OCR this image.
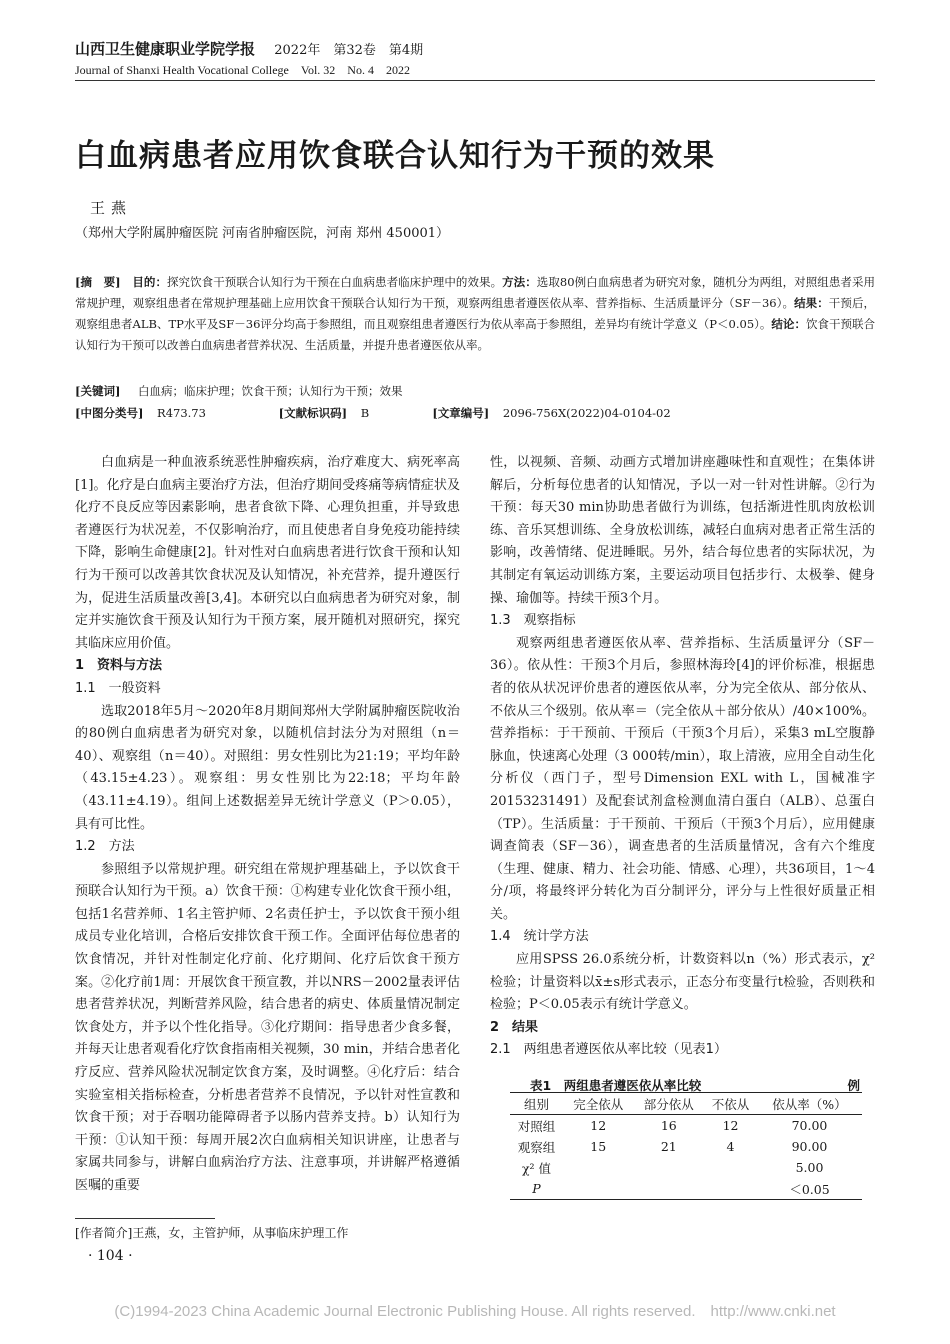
山西卫生健康职业学院学报 2022年　第32卷　第4期
Journal of Shanxi Health Vocational College　Vol. 32　No. 4　2022
白血病患者应用饮食联合认知行为干预的效果
王燕
（郑州大学附属肿瘤医院 河南省肿瘤医院，河南 郑州 450001）
[摘　要] 目的：探究饮食干预联合认知行为干预在白血病患者临床护理中的效果。方法：选取80例白血病患者为研究对象，随机分为两组，对照组患者采用常规护理，观察组患者在常规护理基础上应用饮食干预联合认知行为干预，观察两组患者遵医依从率、营养指标、生活质量评分（SF－36）。结果：干预后，观察组患者ALB、TP水平及SF－36评分均高于参照组，而且观察组患者遵医行为依从率高于参照组，差异均有统计学意义（P＜0.05）。结论：饮食干预联合认知行为干预可以改善白血病患者营养状况、生活质量，并提升患者遵医依从率。
[关键词] 白血病；临床护理；饮食干预；认知行为干预；效果
[中图分类号] R473.73	[文献标识码] B	[文章编号] 2096-756X(2022)04-0104-02

白血病是一种血液系统恶性肿瘤疾病，治疗难度大、病死率高[1]。化疗是白血病主要治疗方法，但治疗期间受疼痛等病情症状及化疗不良反应等因素影响，患者食欲下降、心理负担重，并导致患者遵医行为状况差，不仅影响治疗，而且使患者自身免疫功能持续下降，影响生命健康[2]。针对性对白血病患者进行饮食干预和认知行为干预可以改善其饮食状况及认知情况，补充营养，提升遵医行为，促进生活质量改善[3,4]。本研究以白血病患者为研究对象，制定并实施饮食干预及认知行为干预方案，展开随机对照研究，探究其临床应用价值。

1　资料与方法
1.1　一般资料

选取2018年5月～2020年8月期间郑州大学附属肿瘤医院收治的80例白血病患者为研究对象，以随机信封法分为对照组（n＝40）、观察组（n＝40）。对照组：男女性别比为21:19；平均年龄（43.15±4.23）。观察组：男女性别比为22:18；平均年龄（43.11±4.19）。组间上述数据差异无统计学意义（P＞0.05），具有可比性。

1.2　方法

参照组予以常规护理。研究组在常规护理基础上，予以饮食干预联合认知行为干预。a）饮食干预：①构建专业化饮食干预小组，包括1名营养师、1名主管护师、2名责任护士，予以饮食干预小组成员专业化培训，合格后安排饮食干预工作。全面评估每位患者的饮食情况，并针对性制定化疗前、化疗期间、化疗后饮食干预方案。②化疗前1周：开展饮食干预宣教，并以NRS－2002量表评估患者营养状况，判断营养风险，结合患者的病史、体质量情况制定饮食处方，并予以个性化指导。③化疗期间：指导患者少食多餐，并每天让患者观看化疗饮食指南相关视频，30 min，并结合患者化疗反应、营养风险状况制定饮食方案，及时调整。④化疗后：结合实验室相关指标检查，分析患者营养不良情况，予以针对性宣教和饮食干预；对于吞咽功能障碍者予以肠内营养支持。b）认知行为干预：①认知干预：每周开展2次白血病相关知识讲座，让患者与家属共同参与，讲解白血病治疗方法、注意事项，并讲解严格遵循医嘱的重要

性，以视频、音频、动画方式增加讲座趣味性和直观性；在集体讲解后，分析每位患者的认知情况，予以一对一针对性讲解。②行为干预：每天30 min协助患者做行为训练，包括渐进性肌肉放松训练、音乐冥想训练、全身放松训练，减轻白血病对患者正常生活的影响，改善情绪、促进睡眠。另外，结合每位患者的实际状况，为其制定有氧运动训练方案，主要运动项目包括步行、太极拳、健身操、瑜伽等。持续干预3个月。

1.3　观察指标

观察两组患者遵医依从率、营养指标、生活质量评分（SF－36）。依从性：干预3个月后，参照林海玲[4]的评价标准，根据患者的依从状况评价患者的遵医依从率，分为完全依从、部分依从、不依从三个级别。依从率＝（完全依从＋部分依从）/40×100%。营养指标：于干预前、干预后（干预3个月后），采集3 mL空腹静脉血，快速离心处理（3 000转/min），取上清液，应用全自动生化分析仪（西门子，型号Dimension EXL with L，国械准字20153231491）及配套试剂盒检测血清白蛋白（ALB）、总蛋白（TP）。生活质量：于干预前、干预后（干预3个月后），应用健康调查简表（SF－36），调查患者的生活质量情况，含有六个维度（生理、健康、精力、社会功能、情感、心理），共36项目，1～4分/项，将最终评分转化为百分制评分，评分与上性很好质量正相关。

1.4　统计学方法

应用SPSS 26.0系统分析，计数资料以n（%）形式表示，χ²检验；计量资料以x̄±s形式表示，正态分布变量行t检验，否则秩和检验；P＜0.05表示有统计学意义。

2　结果
2.1　两组患者遵医依从率比较（见表1）
表1　两组患者遵医依从率比较	例
组别	完全依从	部分依从	不依从	依从率（%）
对照组	12	16	12	70.00
观察组	15	21	4	90.00
χ² 值				5.00
P				＜0.05
[作者简介]王燕，女，主管护师，从事临床护理工作
· 104 ·
(C)1994-2023 China Academic Journal Electronic Publishing House. All rights reserved.　http://www.cnki.net
